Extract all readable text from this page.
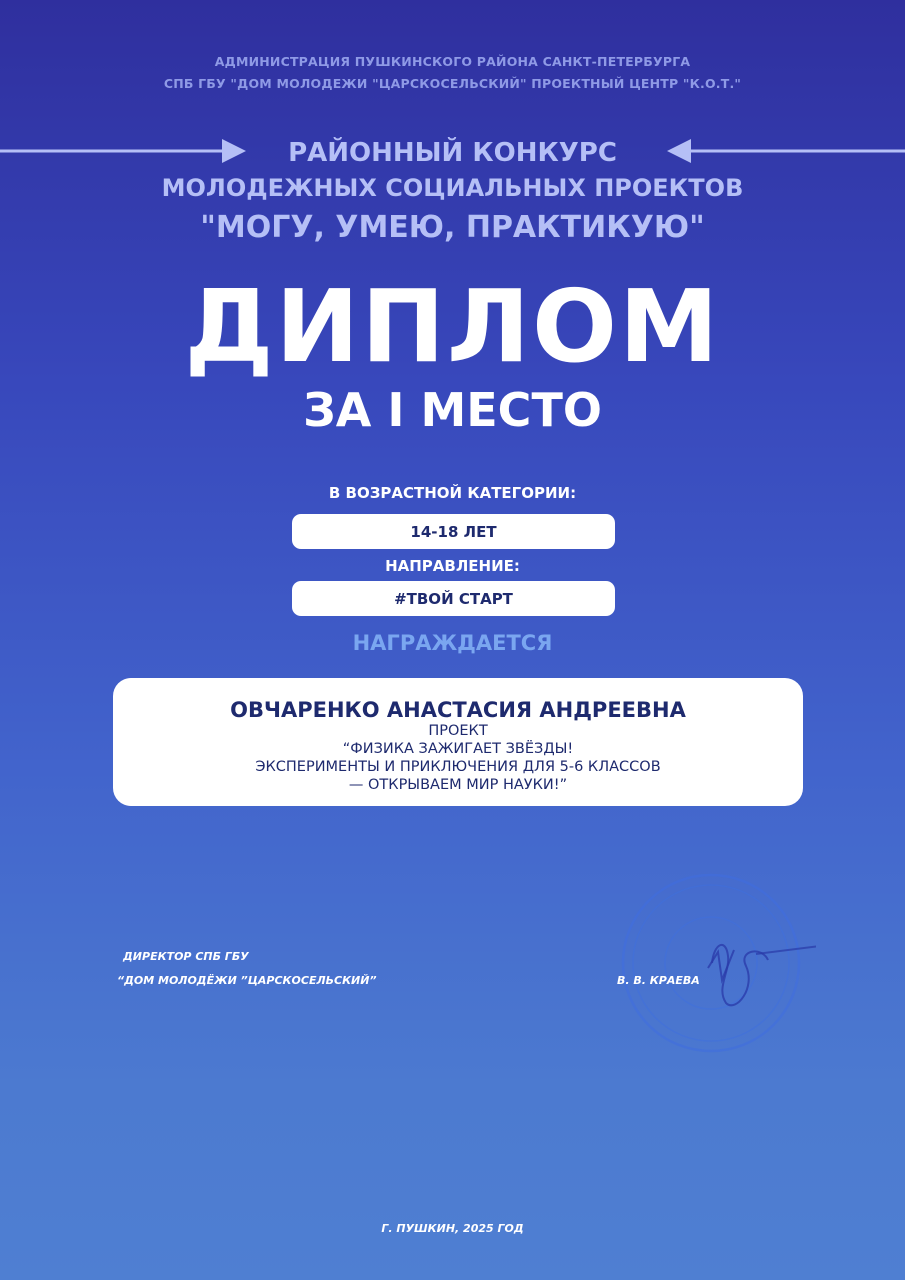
АДМИНИСТРАЦИЯ ПУШКИНСКОГО РАЙОНА САНКТ-ПЕТЕРБУРГА
СПБ ГБУ "ДОМ МОЛОДЕЖИ "ЦАРСКОСЕЛЬСКИЙ" ПРОЕКТНЫЙ ЦЕНТР "К.О.Т."
РАЙОННЫЙ КОНКУРС
МОЛОДЕЖНЫХ СОЦИАЛЬНЫХ ПРОЕКТОВ
"МОГУ, УМЕЮ, ПРАКТИКУЮ"
ДИПЛОМ
ЗА I МЕСТО
В ВОЗРАСТНОЙ КАТЕГОРИИ:
14-18 ЛЕТ
НАПРАВЛЕНИЕ:
#ТВОЙ СТАРТ
НАГРАЖДАЕТСЯ
ОВЧАРЕНКО АНАСТАСИЯ АНДРЕЕВНА
ПРОЕКТ
“ФИЗИКА ЗАЖИГАЕТ ЗВЁЗДЫ!
ЭКСПЕРИМЕНТЫ И ПРИКЛЮЧЕНИЯ ДЛЯ 5-6 КЛАССОВ
— ОТКРЫВАЕМ МИР НАУКИ!”
ДИРЕКТОР СПБ ГБУ
“ДОМ МОЛОДЁЖИ ”ЦАРСКОСЕЛЬСКИЙ”	В. В. КРАЕВА
Г. ПУШКИН, 2025 ГОД
